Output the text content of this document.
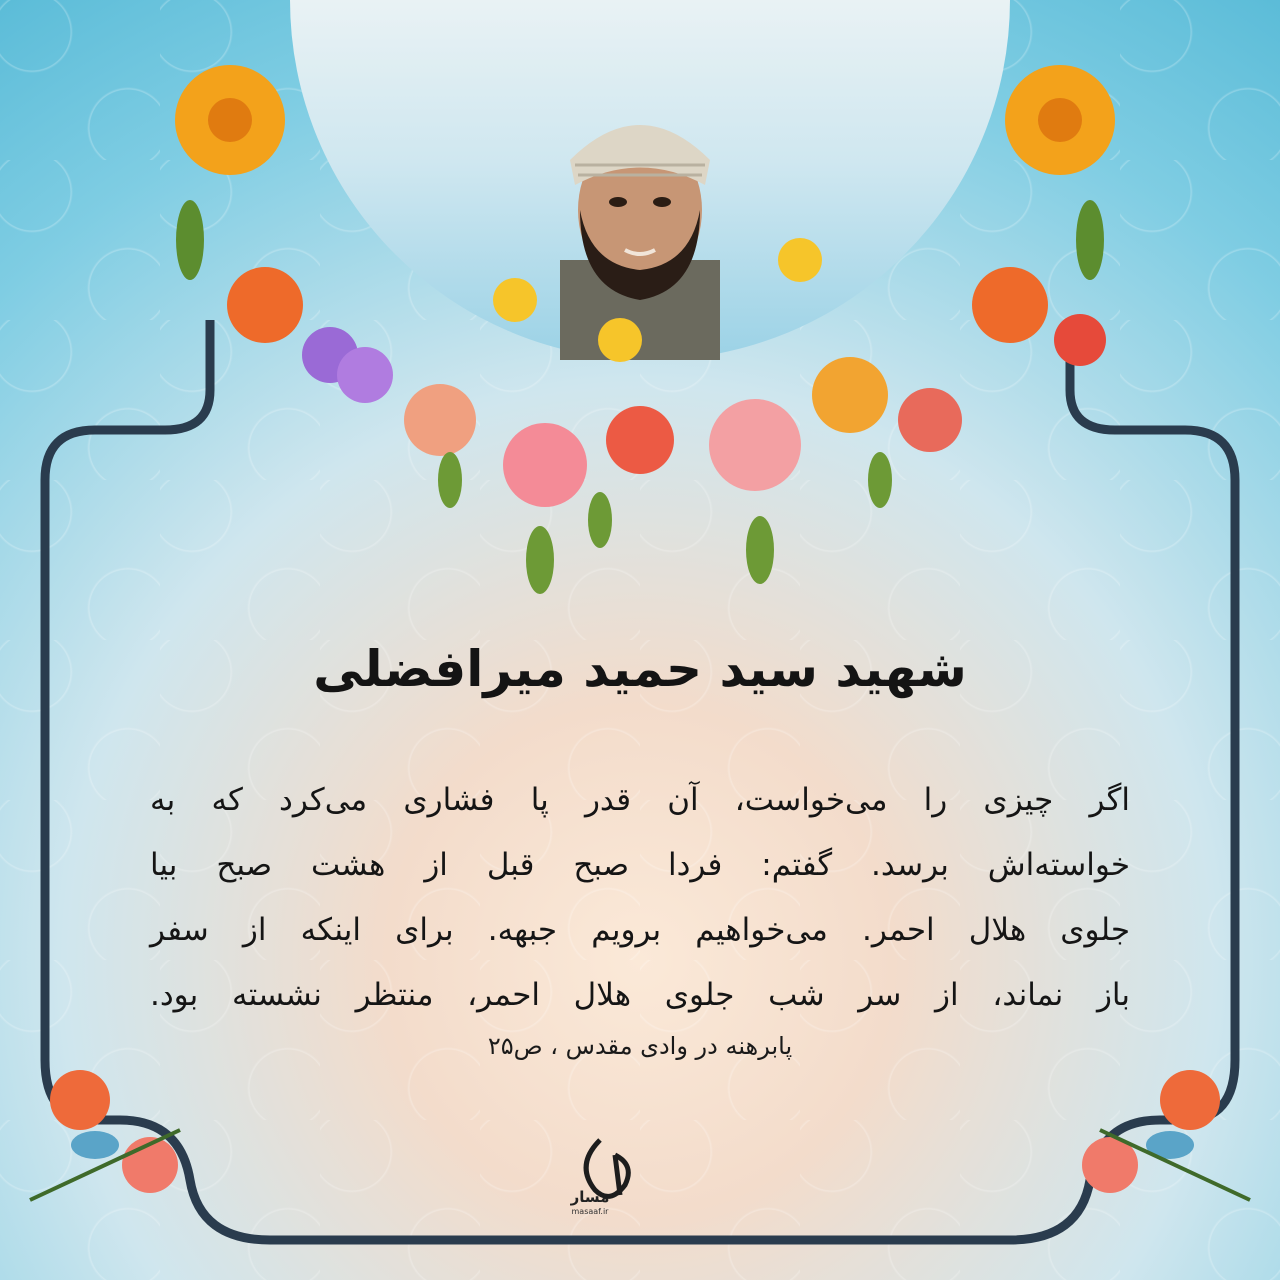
شهید سید حمید میرافضلی
اگر چیزی را می‌خواست، آن قدر پا فشاری می‌کرد که به
خواسته‌اش برسد. گفتم: فردا صبح قبل از هشت صبح بیا
جلوی هلال احمر. می‌خواهیم برویم جبهه. برای اینکه از سفر
باز نماند، از سر شب جلوی هلال احمر، منتظر نشسته بود.
پابرهنه در وادی مقدس ، ص۲۵
مسار
masaaf.ir
